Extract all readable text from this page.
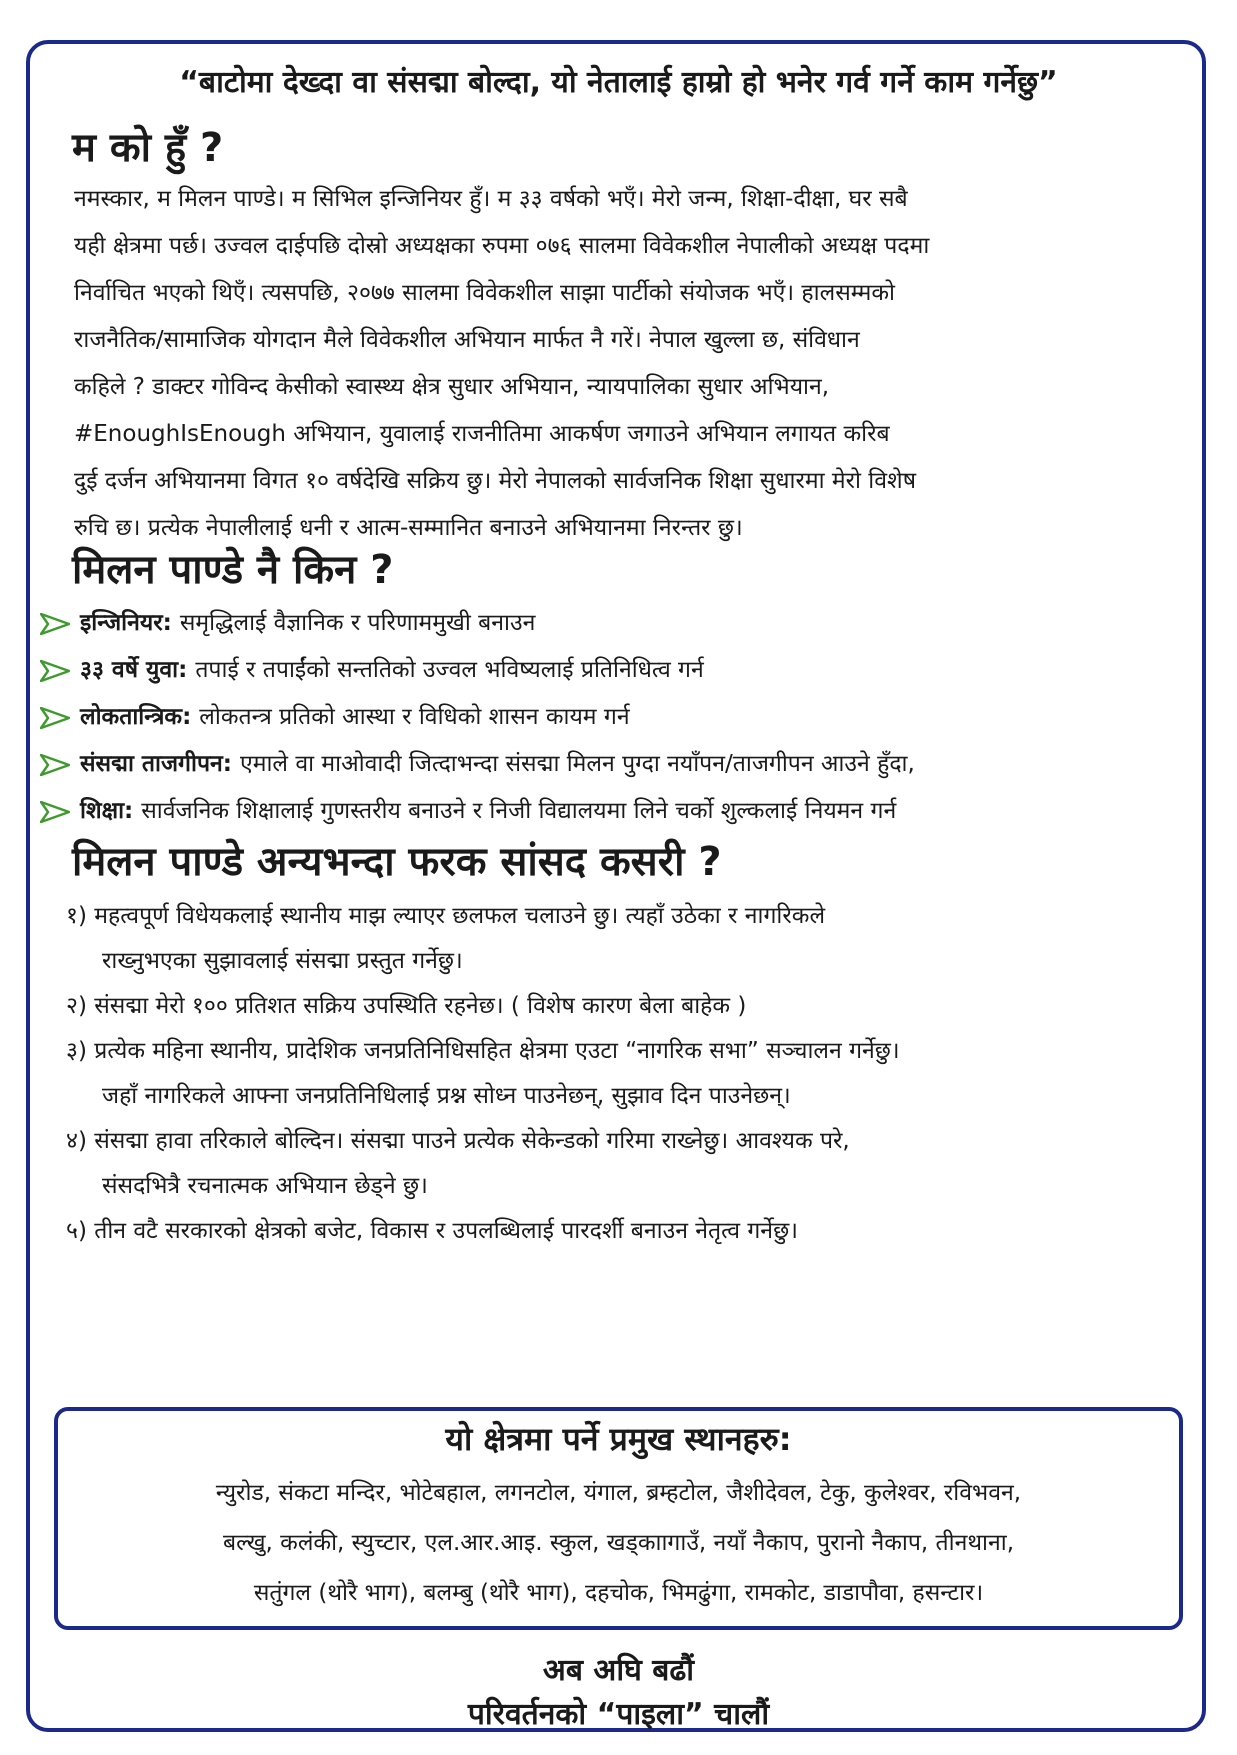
“बाटोमा देख्दा वा संसद्मा बोल्दा, यो नेतालाई हाम्रो हो भनेर गर्व गर्ने काम गर्नेछु”
म को हुँ ?
नमस्कार, म मिलन पाण्डे। म सिभिल इन्जिनियर हुँ। म ३३ वर्षको भएँ। मेरो जन्म, शिक्षा-दीक्षा, घर सबै
यही क्षेत्रमा पर्छ। उज्वल दाईपछि दोस्रो अध्यक्षका रुपमा ०७६ सालमा विवेकशील नेपालीको अध्यक्ष पदमा
निर्वाचित भएको थिएँ। त्यसपछि, २०७७ सालमा विवेकशील साझा पार्टीको संयोजक भएँ। हालसम्मको
राजनैतिक/सामाजिक योगदान मैले विवेकशील अभियान मार्फत नै गरें। नेपाल खुल्ला छ, संविधान
कहिले ? डाक्टर गोविन्द केसीको स्वास्थ्य क्षेत्र सुधार अभियान, न्यायपालिका सुधार अभियान,
#EnoughIsEnough अभियान, युवालाई राजनीतिमा आकर्षण जगाउने अभियान लगायत करिब
दुई दर्जन अभियानमा विगत १० वर्षदेखि सक्रिय छु। मेरो नेपालको सार्वजनिक शिक्षा सुधारमा मेरो विशेष
रुचि छ। प्रत्येक नेपालीलाई धनी र आत्म-सम्मानित बनाउने अभियानमा निरन्तर छु।
मिलन पाण्डे नै किन ?
इन्जिनियर: समृद्धिलाई वैज्ञानिक र परिणाममुखी बनाउन
३३ वर्षे युवा: तपाई र तपाईंको सन्ततिको उज्वल भविष्यलाई प्रतिनिधित्व गर्न
लोकतान्त्रिक: लोकतन्त्र प्रतिको आस्था र विधिको शासन कायम गर्न
संसद्मा ताजगीपन: एमाले वा माओवादी जित्दाभन्दा संसद्मा मिलन पुग्दा नयाँपन/ताजगीपन आउने हुँदा,
शिक्षा: सार्वजनिक शिक्षालाई गुणस्तरीय बनाउने र निजी विद्यालयमा लिने चर्को शुल्कलाई नियमन गर्न
मिलन पाण्डे अन्यभन्दा फरक सांसद कसरी ?
१) महत्वपूर्ण विधेयकलाई स्थानीय माझ ल्याएर छलफल चलाउने छु। त्यहाँ उठेका र नागरिकले
राख्नुभएका सुझावलाई संसद्मा प्रस्तुत गर्नेछु।
२) संसद्मा मेरो १०० प्रतिशत सक्रिय उपस्थिति रहनेछ। ( विशेष कारण बेला बाहेक )
३) प्रत्येक महिना स्थानीय, प्रादेशिक जनप्रतिनिधिसहित क्षेत्रमा एउटा “नागरिक सभा” सञ्चालन गर्नेछु।
जहाँ नागरिकले आफ्ना जनप्रतिनिधिलाई प्रश्न सोध्न पाउनेछन्, सुझाव दिन पाउनेछन्।
४) संसद्मा हावा तरिकाले बोल्दिन। संसद्मा पाउने प्रत्येक सेकेन्डको गरिमा राख्नेछु। आवश्यक परे,
संसदभित्रै रचनात्मक अभियान छेड्ने छु।
५) तीन वटै सरकारको क्षेत्रको बजेट, विकास र उपलब्धिलाई पारदर्शी बनाउन नेतृत्व गर्नेछु।
यो क्षेत्रमा पर्ने प्रमुख स्थानहरु:
न्युरोड, संकटा मन्दिर, भोटेबहाल, लगनटोल, यंगाल, ब्रम्हटोल, जैशीदेवल, टेकु, कुलेश्वर, रविभवन,
बल्खु, कलंकी, स्युच्टार, एल.आर.आइ. स्कुल, खड्काागाउँ, नयाँ नैकाप, पुरानो नैकाप, तीनथाना,
सतुंगल (थोरै भाग), बलम्बु (थोरै भाग), दहचोक, भिमढुंगा, रामकोट, डाडापौवा, हसन्टार।
अब अघि बढौं
परिवर्तनको “पाइला” चालौं
